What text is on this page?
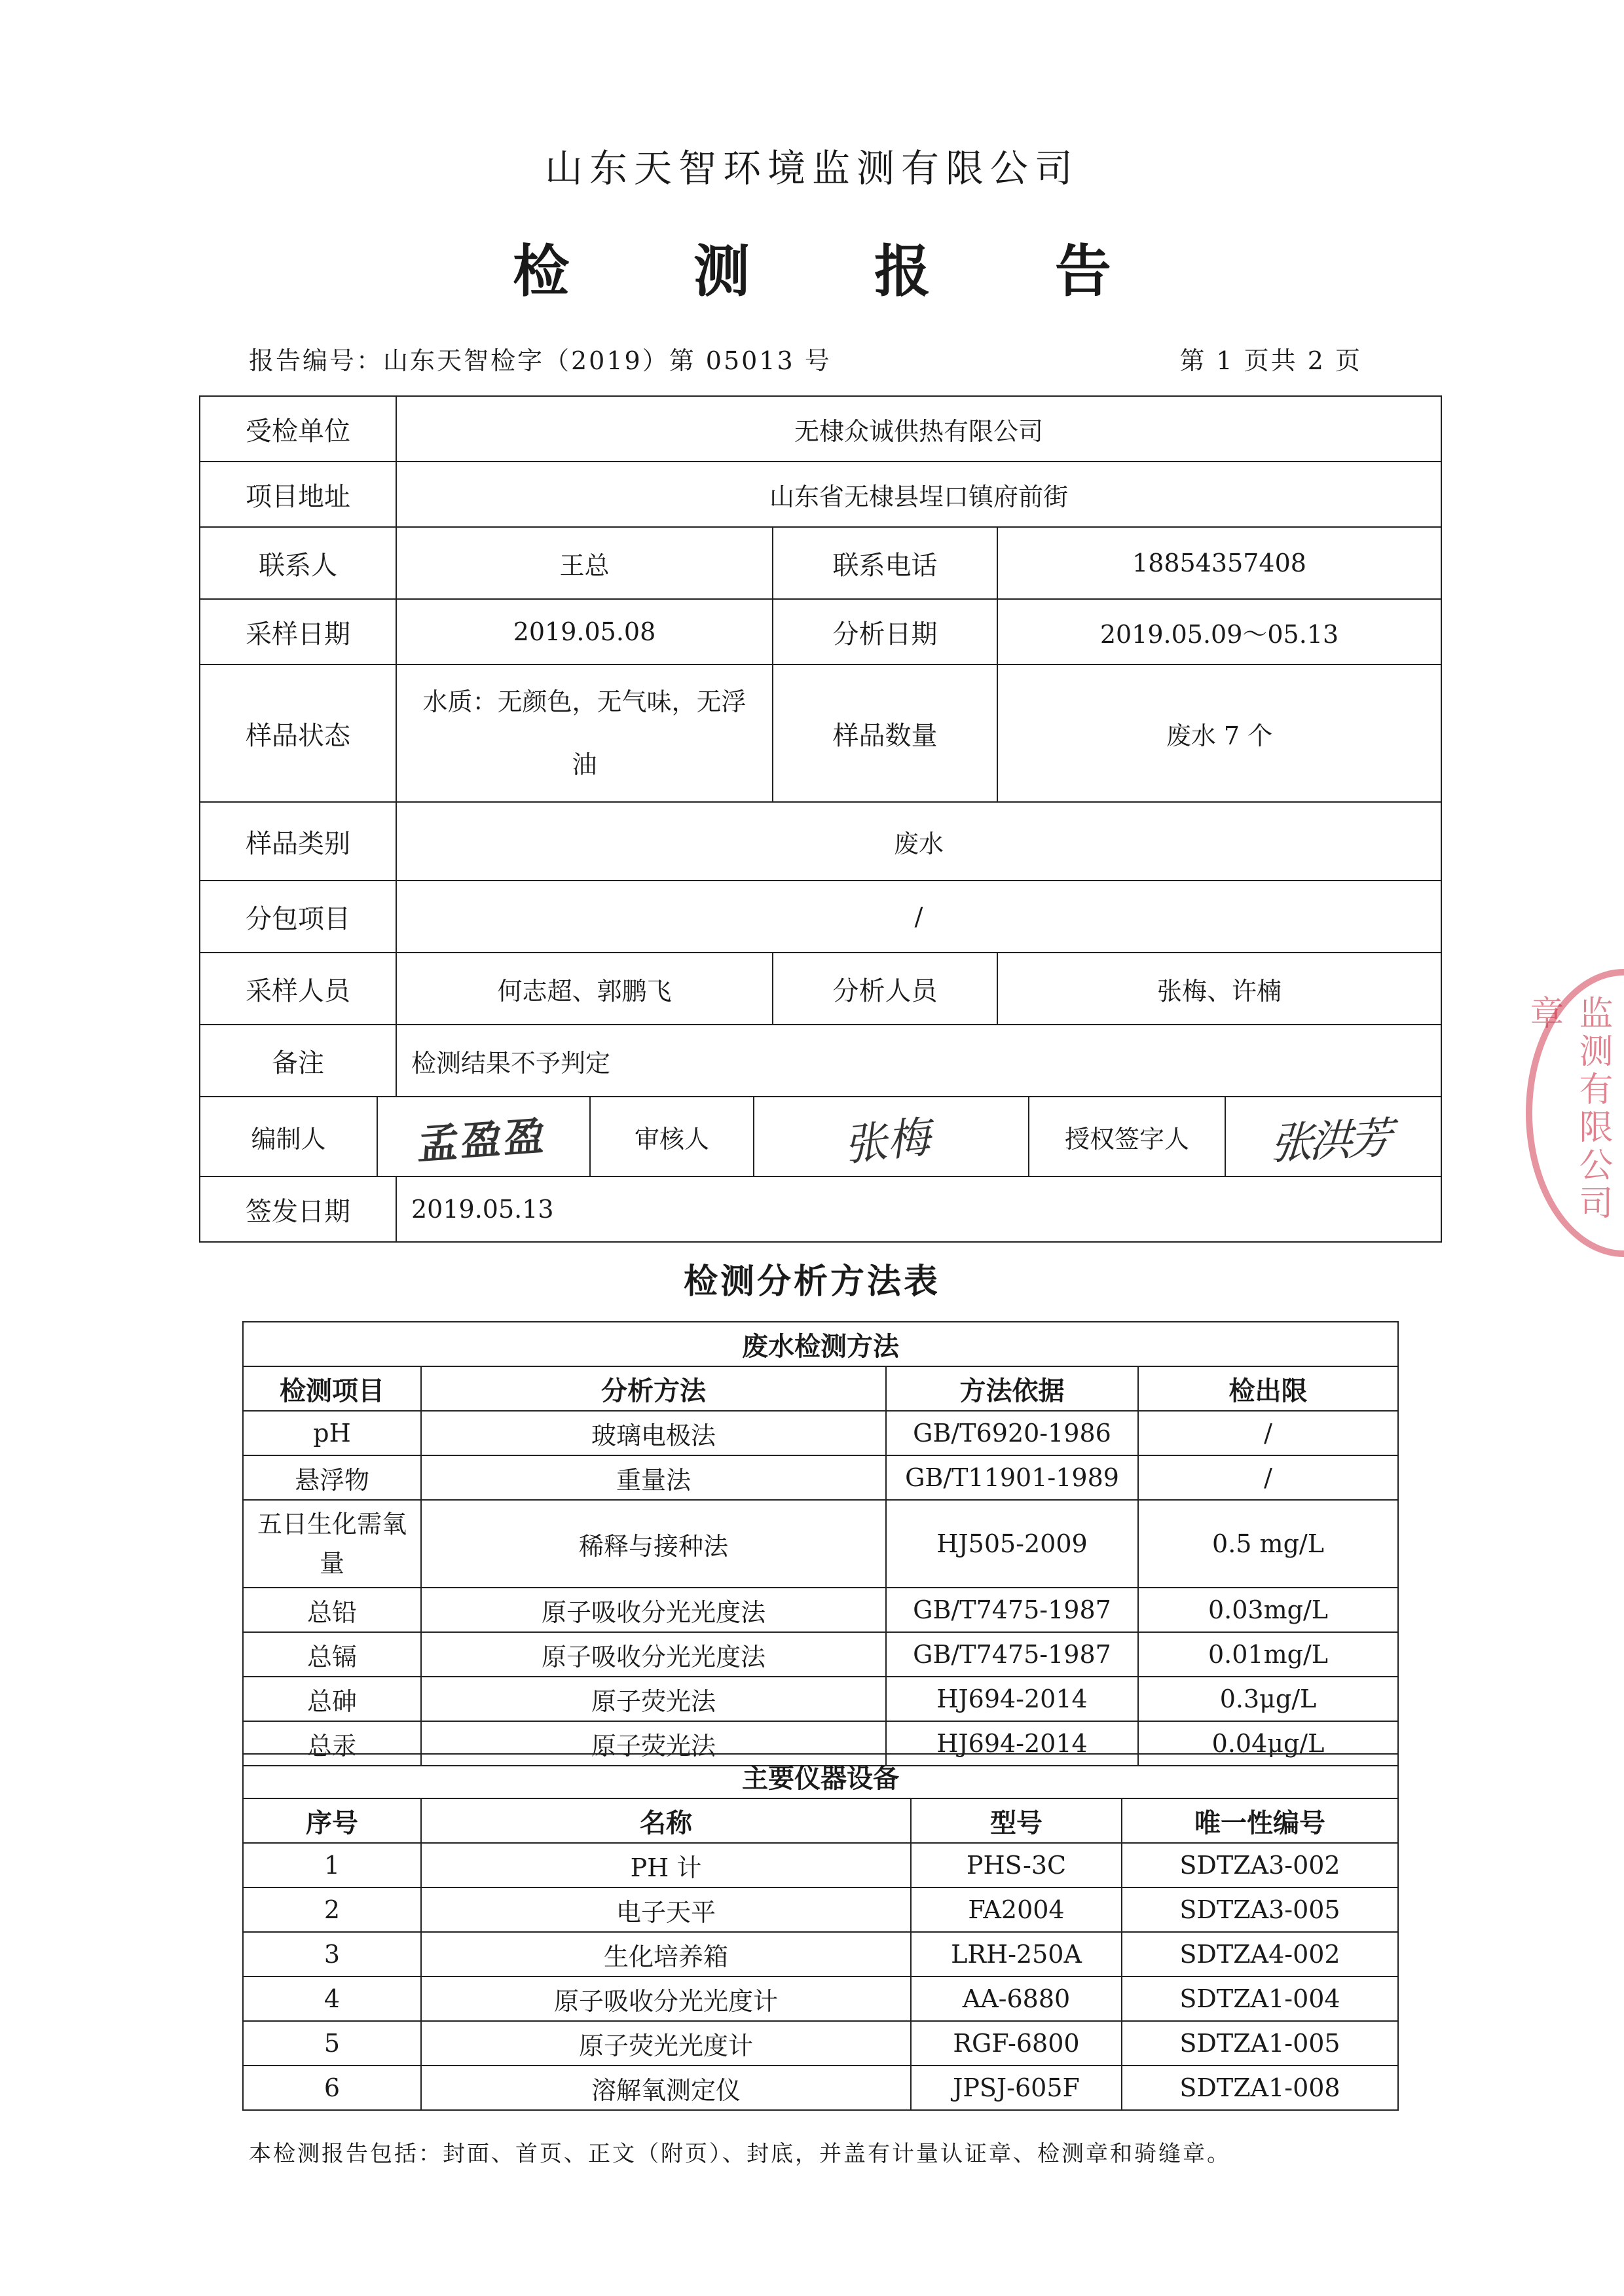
山东天智环境监测有限公司
检 测 报 告
报告编号：山东天智检字（2019）第 05013 号	第 1 页共 2 页
受检单位	无棣众诚供热有限公司
项目地址	山东省无棣县埕口镇府前街
联系人	王总	联系电话	18854357408
采样日期	2019.05.08	分析日期	2019.05.09～05.13
样品状态	水质：无颜色，无气味，无浮油	样品数量	废水 7 个
样品类别	废水
分包项目	/
采样人员	何志超、郭鹏飞	分析人员	张梅、许楠
备注	检测结果不予判定

编制人	孟盈盈	审核人	张梅	授权签字人	张洪芳

签发日期	2019.05.13
检测分析方法表
废水检测方法			
检测项目	分析方法	方法依据	检出限
pH	玻璃电极法	GB/T6920-1986	/
悬浮物	重量法	GB/T11901-1989	/
五日生化需氧量	稀释与接种法	HJ505-2009	0.5 mg/L
总铅	原子吸收分光光度法	GB/T7475-1987	0.03mg/L
总镉	原子吸收分光光度法	GB/T7475-1987	0.01mg/L
总砷	原子荧光法	HJ694-2014	0.3μg/L
总汞	原子荧光法	HJ694-2014	0.04μg/L
主要仪器设备			
序号	名称	型号	唯一性编号
1	PH 计	PHS-3C	SDTZA3-002
2	电子天平	FA2004	SDTZA3-005
3	生化培养箱	LRH-250A	SDTZA4-002
4	原子吸收分光光度计	AA-6880	SDTZA1-004
5	原子荧光光度计	RGF-6800	SDTZA1-005
6	溶解氧测定仪	JPSJ-605F	SDTZA1-008
本检测报告包括：封面、首页、正文（附页）、封底，并盖有计量认证章、检测章和骑缝章。
监测有限公司章
